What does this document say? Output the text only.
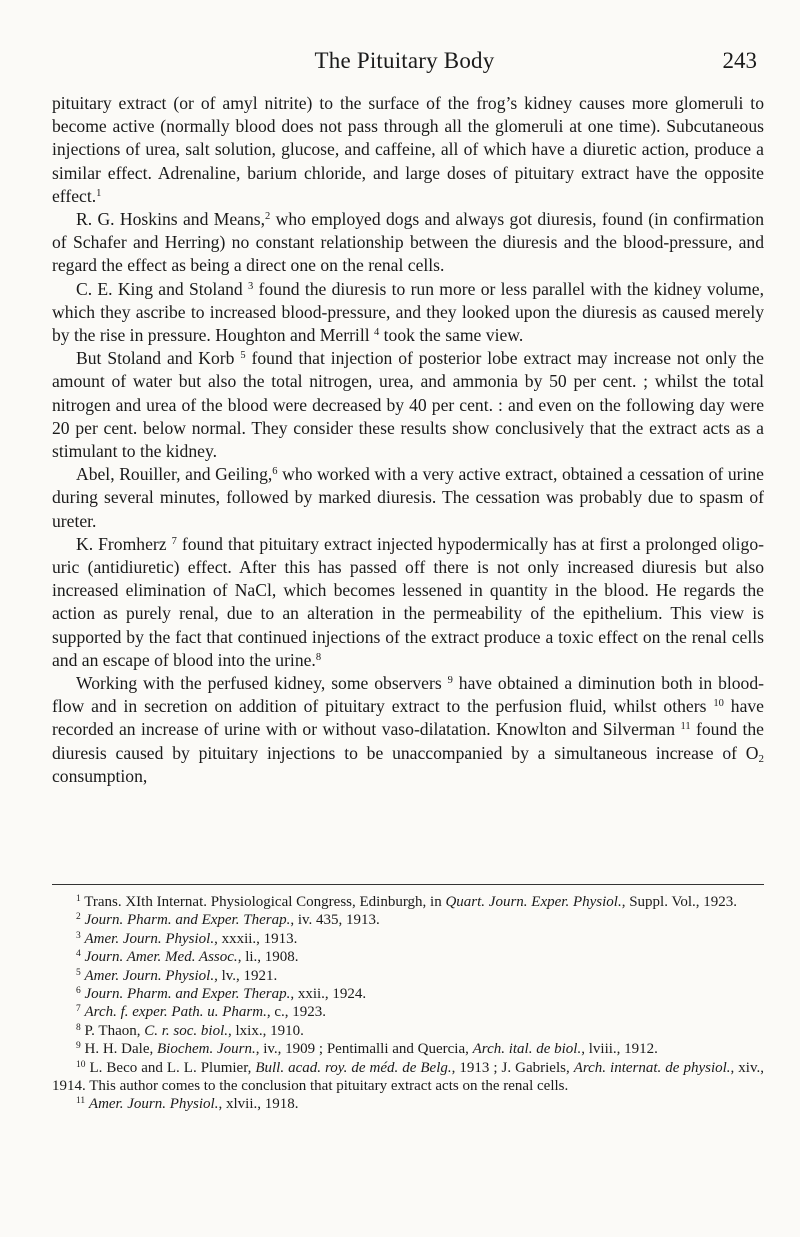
The Pituitary Body	243

pituitary extract (or of amyl nitrite) to the surface of the frog’s kidney causes more glomeruli to become active (normally blood does not pass through all the glomeruli at one time). Subcutaneous injections of urea, salt solution, glucose, and caffeine, all of which have a diuretic action, produce a similar effect. Adrenaline, barium chloride, and large doses of pituitary extract have the opposite effect.$^1$

R. G. Hoskins and Means,$^2$ who employed dogs and always got diuresis, found (in confirmation of Schafer and Herring) no constant relationship between the diuresis and the blood-pressure, and regard the effect as being a direct one on the renal cells.

C. E. King and Stoland $^3$ found the diuresis to run more or less parallel with the kidney volume, which they ascribe to increased blood-pressure, and they looked upon the diuresis as caused merely by the rise in pressure. Houghton and Merrill $^4$ took the same view.

But Stoland and Korb $^5$ found that injection of posterior lobe extract may increase not only the amount of water but also the total nitrogen, urea, and ammonia by 50 per cent. ; whilst the total nitrogen and urea of the blood were decreased by 40 per cent. : and even on the following day were 20 per cent. below normal. They consider these results show conclusively that the extract acts as a stimulant to the kidney.

Abel, Rouiller, and Geiling,$^6$ who worked with a very active extract, obtained a cessation of urine during several minutes, followed by marked diuresis. The cessation was probably due to spasm of ureter.

K. Fromherz $^7$ found that pituitary extract injected hypodermically has at first a prolonged oligo-uric (antidiuretic) effect. After this has passed off there is not only increased diuresis but also increased elimination of NaCl, which becomes lessened in quantity in the blood. He regards the action as purely renal, due to an alteration in the permeability of the epithelium. This view is supported by the fact that continued injections of the extract produce a toxic effect on the renal cells and an escape of blood into the urine.$^8$

Working with the perfused kidney, some observers $^9$ have obtained a diminution both in blood-flow and in secretion on addition of pituitary extract to the perfusion fluid, whilst others $^{10}$ have recorded an increase of urine with or without vaso-dilatation. Knowlton and Silverman $^{11}$ found the diuresis caused by pituitary injections to be unaccompanied by a simultaneous increase of $O_2$ consumption,

$^1$ Trans. XIth Internat. Physiological Congress, Edinburgh, in Quart. Journ. Exper. Physiol., Suppl. Vol., 1923.

$^2$ Journ. Pharm. and Exper. Therap., iv. 435, 1913.

$^3$ Amer. Journ. Physiol., xxxii., 1913.

$^4$ Journ. Amer. Med. Assoc., li., 1908.

$^5$ Amer. Journ. Physiol., lv., 1921.

$^6$ Journ. Pharm. and Exper. Therap., xxii., 1924.

$^7$ Arch. f. exper. Path. u. Pharm., c., 1923.

$^8$ P. Thaon, C. r. soc. biol., lxix., 1910.

$^9$ H. H. Dale, Biochem. Journ., iv., 1909 ; Pentimalli and Quercia, Arch. ital. de biol., lviii., 1912.

$^{10}$ L. Beco and L. L. Plumier, Bull. acad. roy. de méd. de Belg., 1913 ; J. Gabriels, Arch. internat. de physiol., xiv., 1914. This author comes to the conclusion that pituitary extract acts on the renal cells.

$^{11}$ Amer. Journ. Physiol., xlvii., 1918.
